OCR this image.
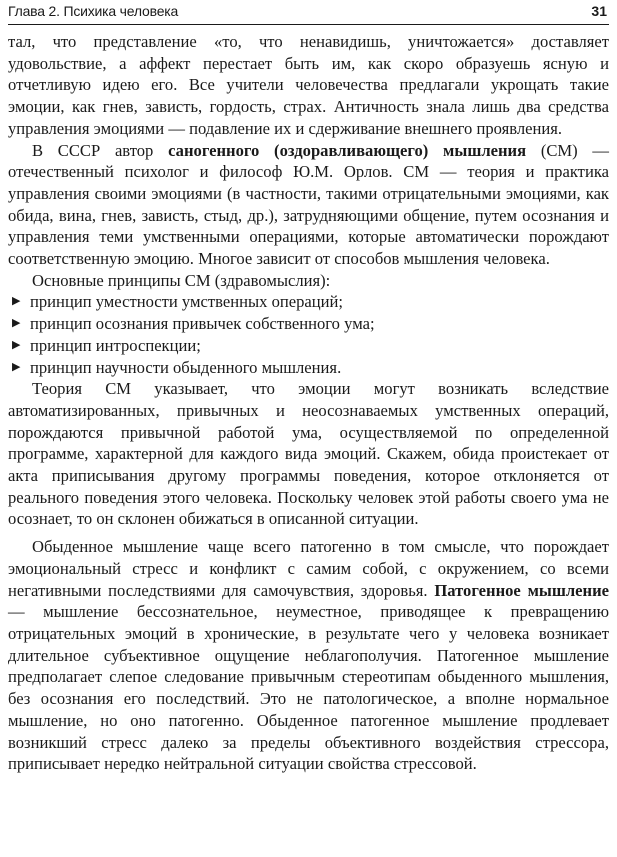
Глава 2. Психика человека	31

тал, что представление «то, что ненавидишь, уничтожается» доставляет удовольствие, а аффект перестает быть им, как скоро образуешь ясную и отчетливую идею его. Все учители человечества предлагали укрощать такие эмоции, как гнев, зависть, гордость, страх. Античность знала лишь два средства управления эмоциями — подавление их и сдерживание внешнего проявления.

В СССР автор саногенного (оздоравливающего) мышления (СМ) — отечественный психолог и философ Ю.М. Орлов. СМ — теория и практика управления своими эмоциями (в частности, такими отрицательными эмоциями, как обида, вина, гнев, зависть, стыд, др.), затрудняющими общение, путем осознания и управления теми умственными операциями, которые автоматически порождают соответственную эмоцию. Многое зависит от способов мышления человека.

Основные принципы СМ (здравомыслия):

▶ принцип уместности умственных операций;
▶ принцип осознания привычек собственного ума;
▶ принцип интроспекции;
▶ принцип научности обыденного мышления.

Теория СМ указывает, что эмоции могут возникать вследствие автоматизированных, привычных и неосознаваемых умственных операций, порождаются привычной работой ума, осуществляемой по определенной программе, характерной для каждого вида эмоций. Скажем, обида проистекает от акта приписывания другому программы поведения, которое отклоняется от реального поведения этого человека. Поскольку человек этой работы своего ума не осознает, то он склонен обижаться в описанной ситуации.

Обыденное мышление чаще всего патогенно в том смысле, что порождает эмоциональный стресс и конфликт с самим собой, с окружением, со всеми негативными последствиями для самочувствия, здоровья. Патогенное мышление — мышление бессознательное, неуместное, приводящее к превращению отрицательных эмоций в хронические, в результате чего у человека возникает длительное субъективное ощущение неблагополучия. Патогенное мышление предполагает слепое следование привычным стереотипам обыденного мышления, без осознания его последствий. Это не патологическое, а вполне нормальное мышление, но оно патогенно. Обыденное патогенное мышление продлевает возникший стресс далеко за пределы объективного воздействия стрессора, приписывает нередко нейтральной ситуации свойства стрессовой.
